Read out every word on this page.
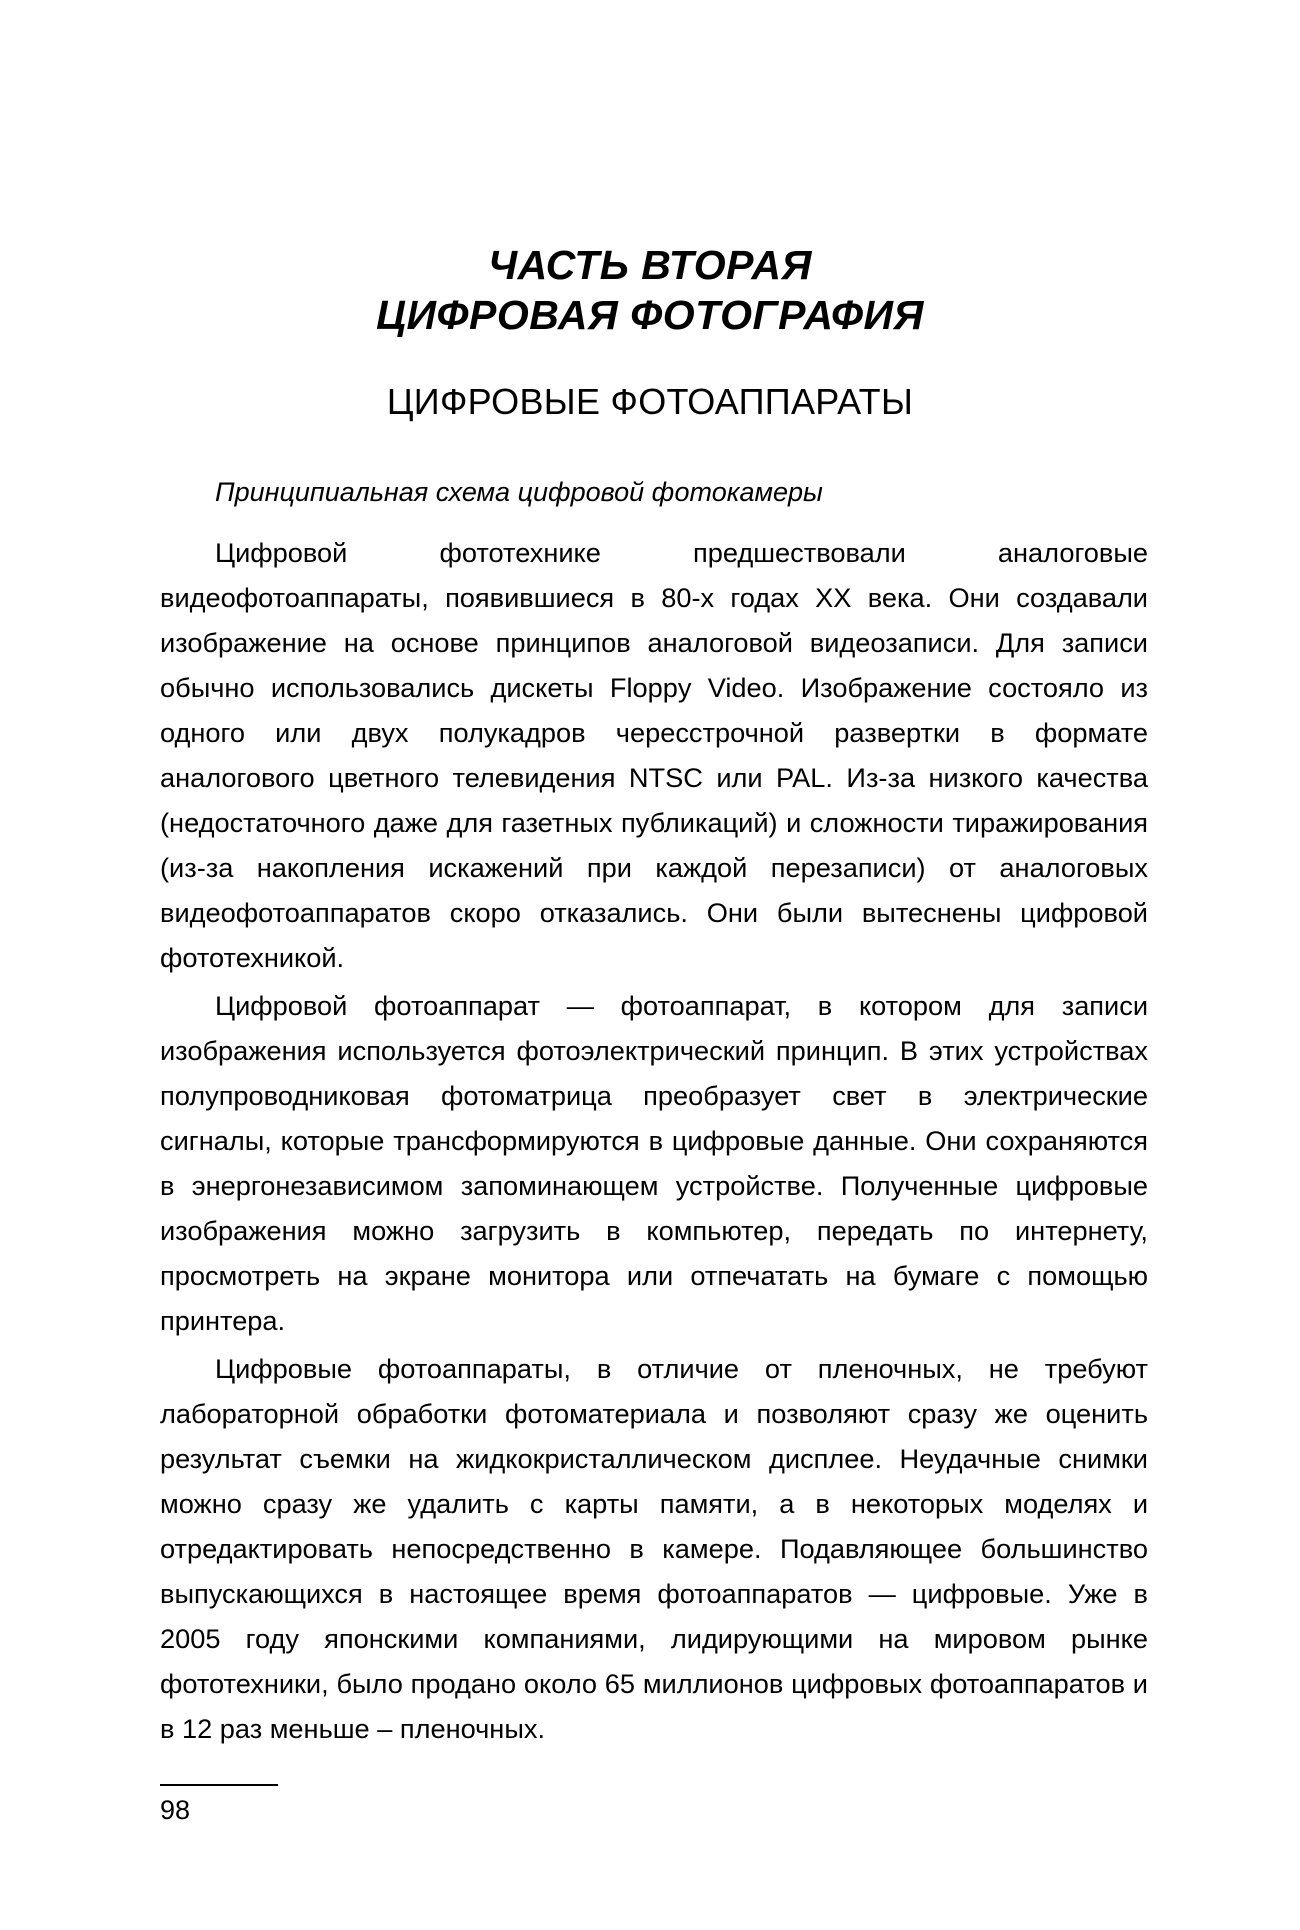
ЧАСТЬ ВТОРАЯ
ЦИФРОВАЯ ФОТОГРАФИЯ
ЦИФРОВЫЕ ФОТОАППАРАТЫ
Принципиальная схема цифровой фотокамеры

Цифровой фототехнике предшествовали аналоговые видеофотоаппараты, появившиеся в 80-х годах XX века. Они создавали изображение на основе принципов аналоговой видеозаписи. Для записи обычно использовались дискеты Floppy Video. Изображение состояло из одного или двух полукадров чересстрочной развертки в формате аналогового цветного телевидения NTSC или PAL. Из-за низкого качества (недостаточного даже для газетных публикаций) и сложности тиражирования (из-за накопления искажений при каждой перезаписи) от аналоговых видеофотоаппаратов скоро отказались. Они были вытеснены цифровой фототехникой.

Цифровой фотоаппарат — фотоаппарат, в котором для записи изображения используется фотоэлектрический принцип. В этих устройствах полупроводниковая фотоматрица преобразует свет в электрические сигналы, которые трансформируются в цифровые данные. Они сохраняются в энергонезависимом запоминающем устройстве. Полученные цифровые изображения можно загрузить в компьютер, передать по интернету, просмотреть на экране монитора или отпечатать на бумаге с помощью принтера.

Цифровые фотоаппараты, в отличие от пленочных, не требуют лабораторной обработки фотоматериала и позволяют сразу же оценить результат съемки на жидкокристаллическом дисплее. Неудачные снимки можно сразу же удалить с карты памяти, а в некоторых моделях и отредактировать непосредственно в камере. Подавляющее большинство выпускающихся в настоящее время фотоаппаратов — цифровые. Уже в 2005 году японскими компаниями, лидирующими на мировом рынке фототехники, было продано около 65 миллионов цифровых фотоаппаратов и в 12 раз меньше – пленочных.

98
